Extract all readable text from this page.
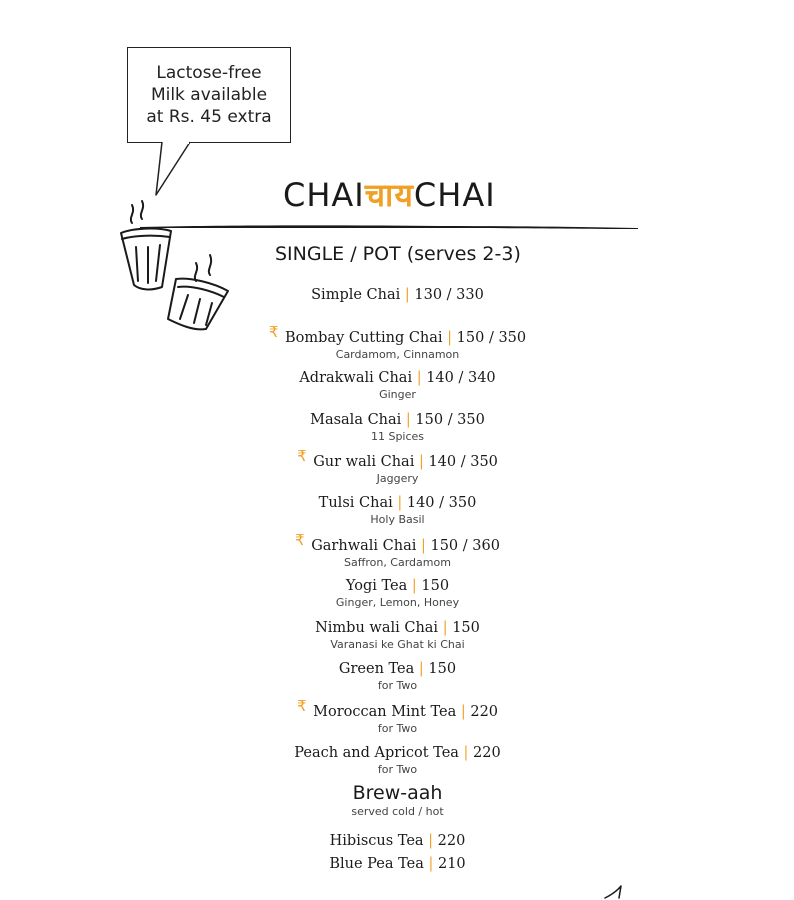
Lactose-free
Milk available
at Rs. 45 extra
CHAIचायCHAI
SINGLE / POT (serves 2-3)
Simple Chai | 130 / 330
₹ Bombay Cutting Chai | 150 / 350
Cardamom, Cinnamon
Adrakwali Chai | 140 / 340
Ginger
Masala Chai | 150 / 350
11 Spices
₹ Gur wali Chai | 140 / 350
Jaggery
Tulsi Chai | 140 / 350
Holy Basil
₹ Garhwali Chai | 150 / 360
Saffron, Cardamom
Yogi Tea | 150
Ginger, Lemon, Honey
Nimbu wali Chai | 150
Varanasi ke Ghat ki Chai
Green Tea | 150
for Two
₹ Moroccan Mint Tea | 220
for Two
Peach and Apricot Tea | 220
for Two
Brew-aah
served cold / hot
Hibiscus Tea | 220
Blue Pea Tea | 210
